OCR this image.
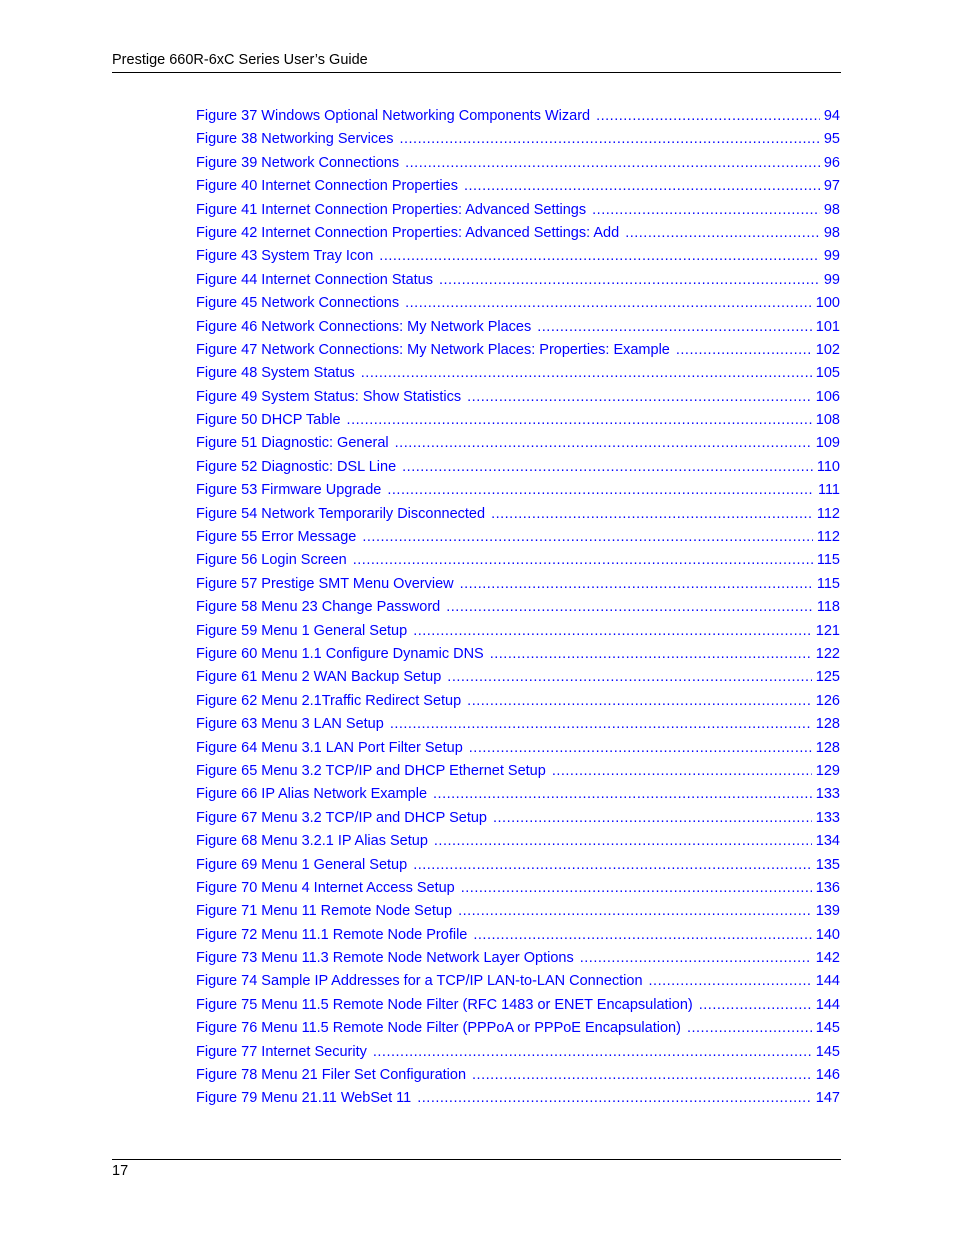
Prestige 660R-6xC Series User’s Guide
Figure 37 Windows Optional Networking Components Wizard .....	94
Figure 38 Networking Services .....	95
Figure 39 Network Connections .....	96
Figure 40 Internet Connection Properties .....	97
Figure 41 Internet Connection Properties: Advanced Settings .....	98
Figure 42 Internet Connection Properties: Advanced Settings: Add .....	98
Figure 43 System Tray Icon .....	99
Figure 44 Internet Connection Status .....	99
Figure 45 Network Connections .....	100
Figure 46 Network Connections: My Network Places .....	101
Figure 47 Network Connections: My Network Places: Properties: Example .....	102
Figure 48 System Status .....	105
Figure 49 System Status: Show Statistics .....	106
Figure 50 DHCP Table .....	108
Figure 51 Diagnostic: General .....	109
Figure 52 Diagnostic: DSL Line .....	110
Figure 53 Firmware Upgrade .....	111
Figure 54 Network Temporarily Disconnected .....	112
Figure 55 Error Message .....	112
Figure 56 Login Screen .....	115
Figure 57 Prestige SMT Menu Overview .....	115
Figure 58 Menu 23 Change Password .....	118
Figure 59 Menu 1 General Setup .....	121
Figure 60 Menu 1.1 Configure Dynamic DNS .....	122
Figure 61 Menu 2 WAN Backup Setup .....	125
Figure 62 Menu 2.1Traffic Redirect Setup .....	126
Figure 63 Menu 3 LAN Setup .....	128
Figure 64 Menu 3.1 LAN Port Filter Setup .....	128
Figure 65 Menu 3.2 TCP/IP and DHCP Ethernet Setup .....	129
Figure 66 IP Alias Network Example .....	133
Figure 67 Menu 3.2 TCP/IP and DHCP Setup .....	133
Figure 68 Menu 3.2.1 IP Alias Setup .....	134
Figure 69 Menu 1 General Setup .....	135
Figure 70 Menu 4 Internet Access Setup .....	136
Figure 71 Menu 11 Remote Node Setup .....	139
Figure 72 Menu 11.1 Remote Node Profile .....	140
Figure 73 Menu 11.3 Remote Node Network Layer Options .....	142
Figure 74 Sample IP Addresses for a TCP/IP LAN-to-LAN Connection .....	144
Figure 75 Menu 11.5 Remote Node Filter (RFC 1483 or ENET Encapsulation) .....	144
Figure 76 Menu 11.5 Remote Node Filter (PPPoA or PPPoE Encapsulation) .....	145
Figure 77 Internet Security .....	145
Figure 78 Menu 21 Filer Set Configuration .....	146
Figure 79 Menu 21.11 WebSet 11 .....	147
17
